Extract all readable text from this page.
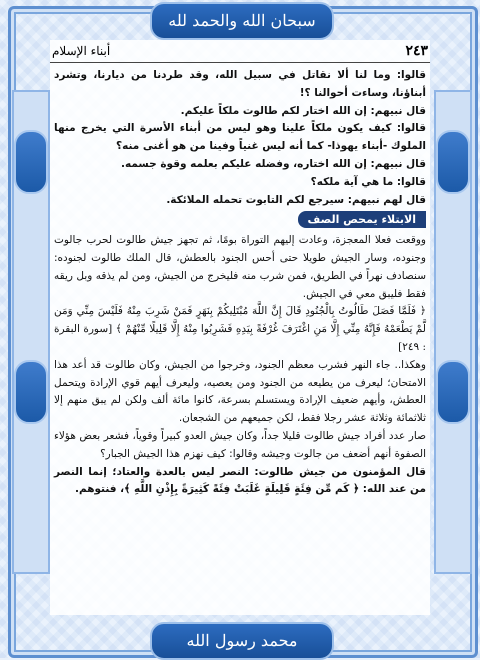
سبحان الله والحمد لله
٢٤٣
أبناء الإسلام

قالوا: وما لنا ألا نقاتل في سبيل الله، وقد طردنا من ديارنا، وتشرد أبناؤنا، وساءت أحوالنا ؟!

قال نبيهم: إن الله اختار لكم طالوت ملكاً عليكم.

قالوا: كيف يكون ملكاً علينا وهو ليس من أبناء الأسرة التي يخرج منها الملوك -أبناء يهوذا- كما أنه ليس غنياً وفينا من هو أغنى منه؟

قال نبيهم: إن الله اختاره، وفضله عليكم بعلمه وقوة جسمه.

قالوا: ما هي آية ملكه؟

قال لهم نبيهم: سيرجع لكم التابوت تحمله الملائكة.

الابتلاء يمحص الصف

ووقعت فعلا المعجزة، وعادت إليهم التوراة بومًا، ثم تجهز جيش طالوت لحرب جالوت وجنوده، وسار الجيش طويلا حتى أحس الجنود بالعطش، قال الملك طالوت لجنوده: سنصادف نهراً في الطريق، فمن شرب منه فليخرج من الجيش، ومن لم يذقه وبل ريقه فقط فليبق معي في الجيش.

﴿ فَلَمَّا فَصَلَ طَالُوتُ بِالْجُنُودِ قَالَ إِنَّ اللَّهَ مُبْتَلِيكُمْ بِنَهَرٍ فَمَنْ شَرِبَ مِنْهُ فَلَيْسَ مِنِّي وَمَن لَّمْ يَطْعَمْهُ فَإِنَّهُ مِنِّي إِلَّا مَنِ اغْتَرَفَ غُرْفَةً بِيَدِهِ فَشَرِبُوا مِنْهُ إِلَّا قَلِيلًا مِّنْهُمْ ﴾ [سورة البقرة : ٢٤٩]

وهكذا.. جاء النهر فشرب معظم الجنود، وخرجوا من الجيش، وكان طالوت قد أعد هذا الامتحان؛ ليعرف من يطيعه من الجنود ومن يعصيه، وليعرف أيهم قوي الإرادة ويتحمل العطش، وأيهم ضعيف الإرادة ويستسلم بسرعة، كانوا مائة ألف ولكن لم يبق منهم إلا ثلاثمائة وثلاثة عشر رجلا فقط، لكن جميعهم من الشجعان.

صار عدد أفراد جيش طالوت قليلا جداً، وكان جيش العدو كبيراً وقوياً، فشعر بعض هؤلاء الصفوة أنهم أضعف من جالوت وجيشه وقالوا: كيف نهزم هذا الجيش الجبار؟

قال المؤمنون من جيش طالوت: النصر ليس بالعدة والعتاد؛ إنما النصر من عند الله: ﴿ كَم مِّن فِئَةٍ قَلِيلَةٍ غَلَبَتْ فِئَةً كَثِيرَةً بِإِذْنِ اللَّهِ ﴾، فنتوهم.

محمد رسول الله
